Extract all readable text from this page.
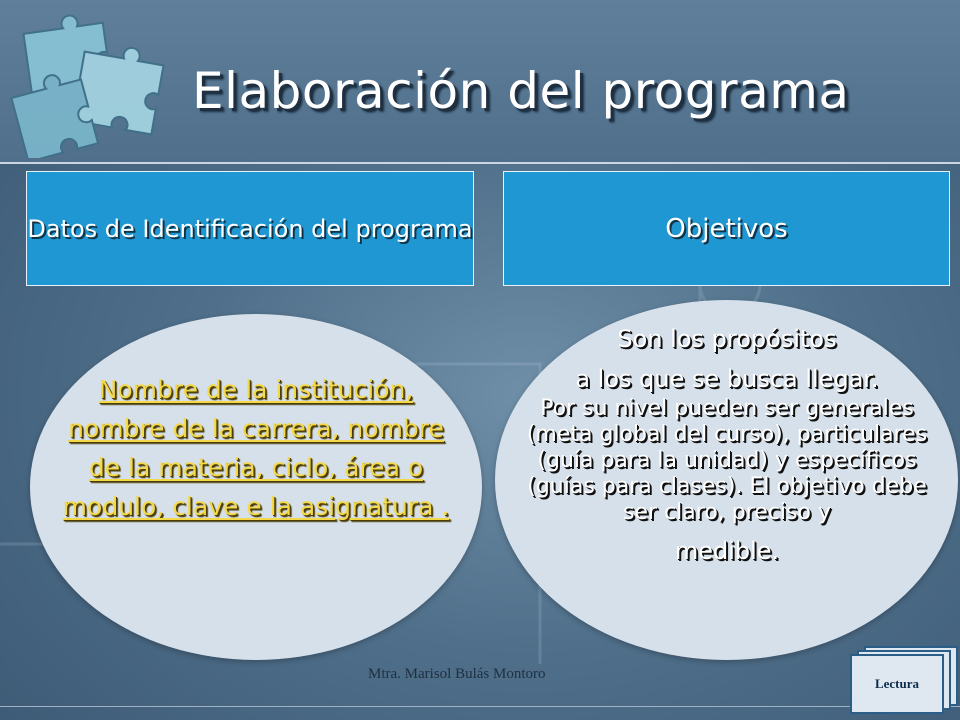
Elaboración del programa
Datos de Identificación del programa	Objetivos
Nombre de la institución, nombre de la carrera, nombre de la materia, ciclo, área o modulo, clave e la asignatura .
Son los propósitos
a los que se busca llegar.
Por su nivel pueden ser generales (meta global del curso), particulares (guía para la unidad) y específicos (guías para clases). El objetivo debe ser claro, preciso y
medible.
Mtra. Marisol Bulás Montoro
Lectura
